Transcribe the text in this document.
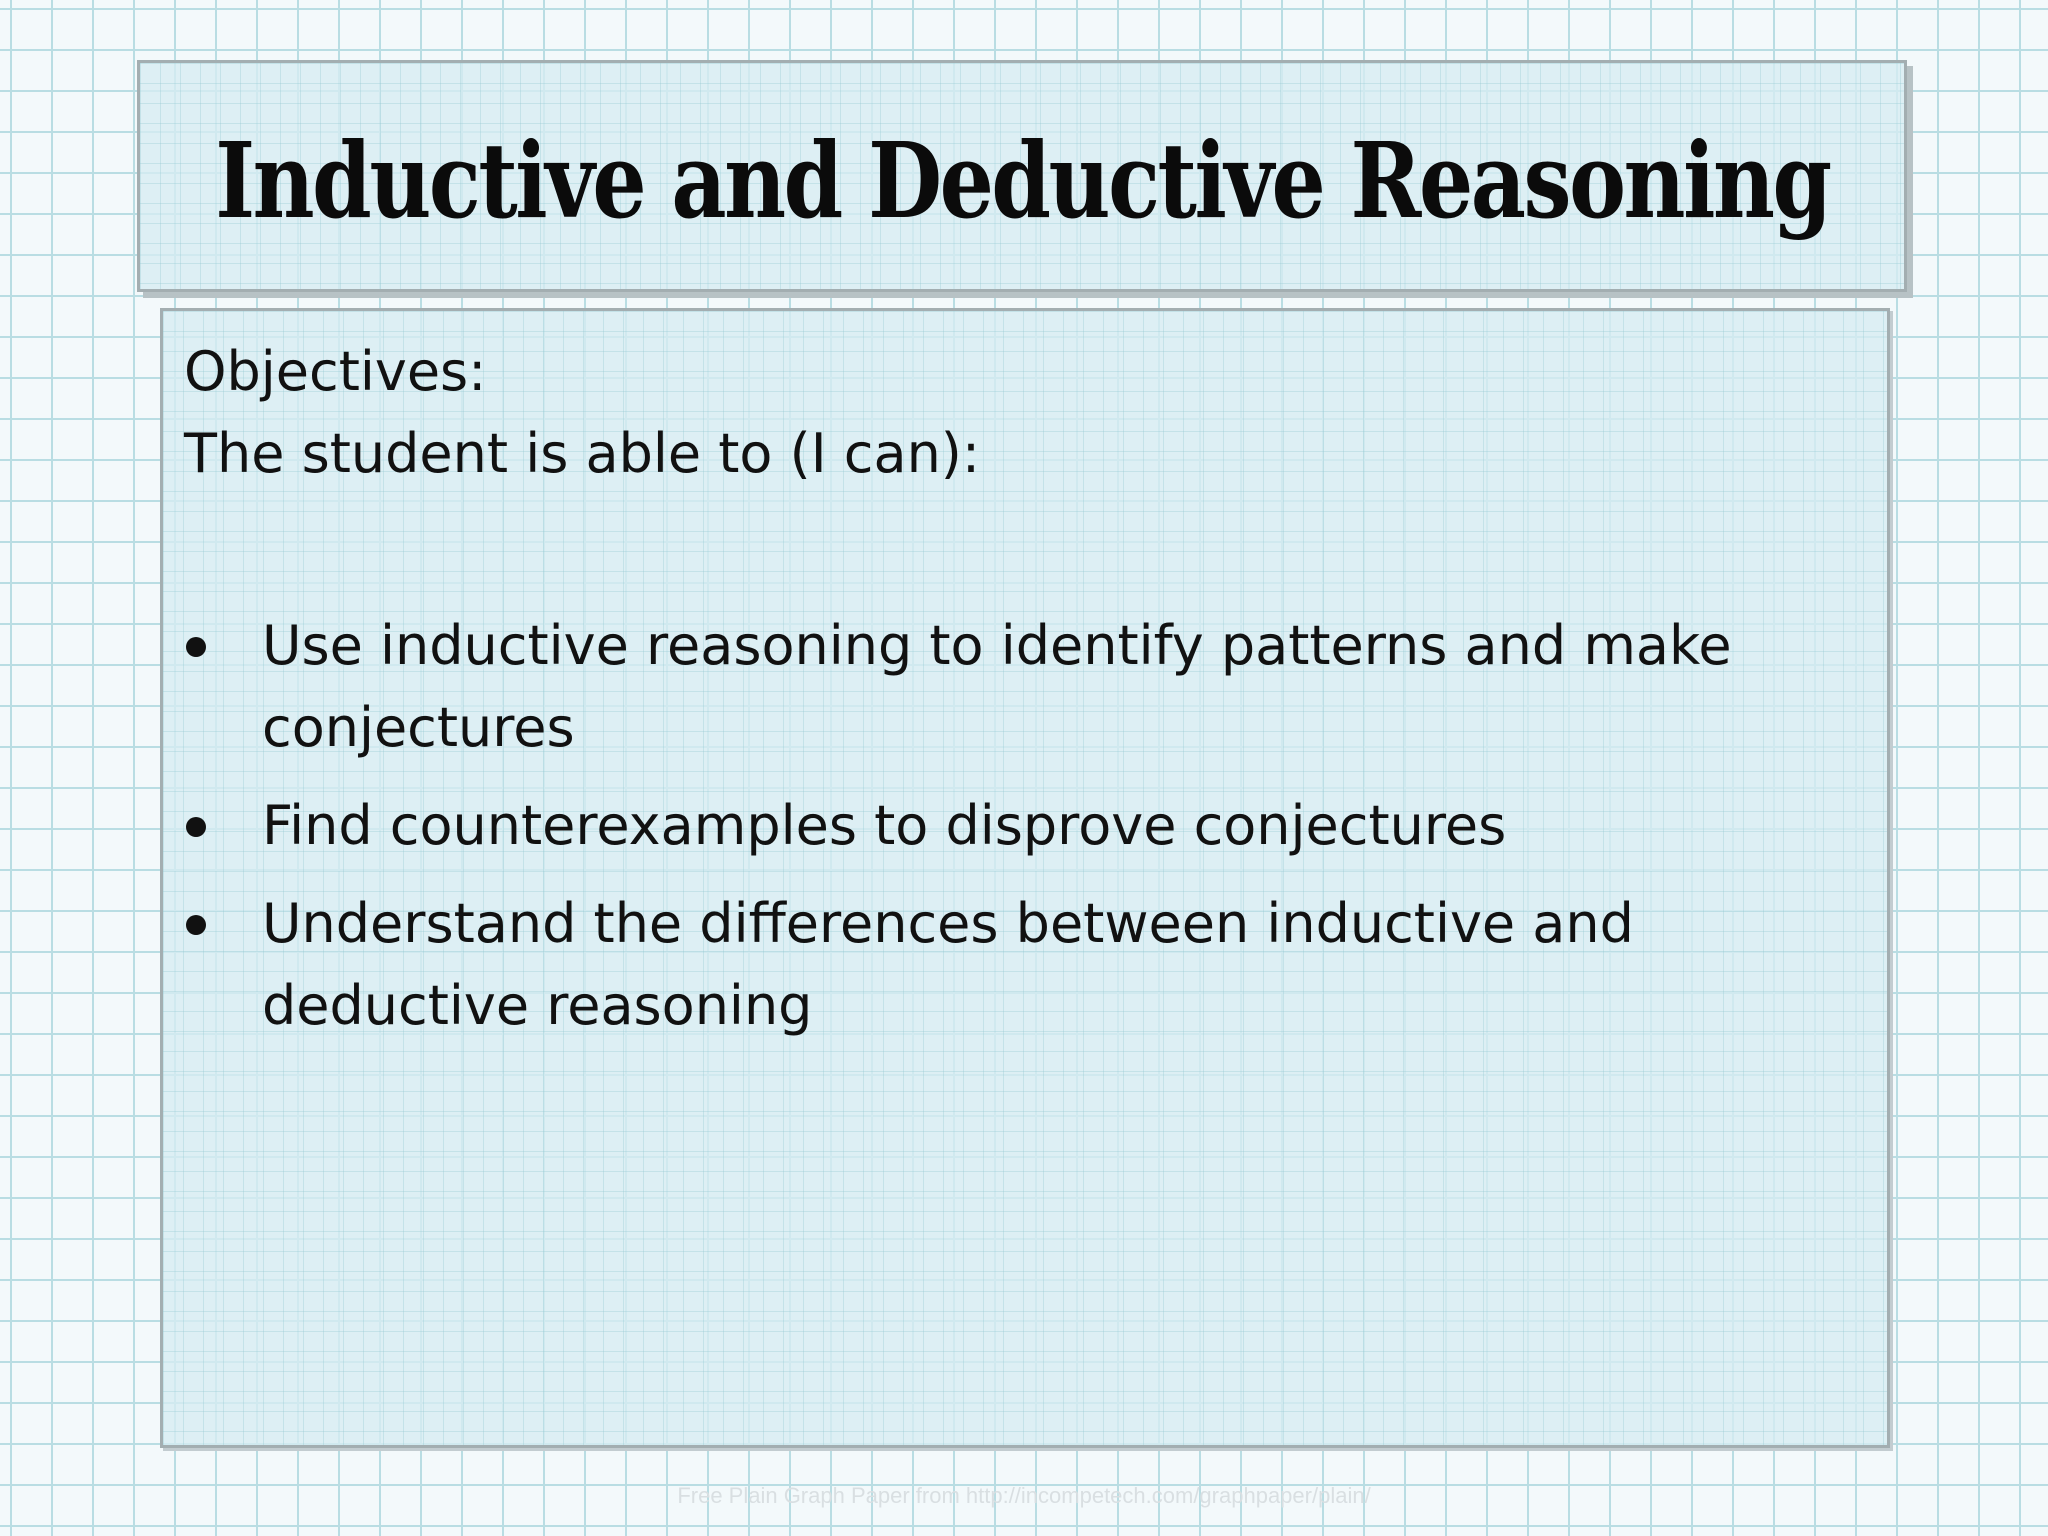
Inductive and Deductive Reasoning
Objectives:
The student is able to (I can):
Use inductive reasoning to identify patterns and make conjectures
Find counterexamples to disprove conjectures
Understand the differences between inductive and deductive reasoning
Free Plain Graph Paper from http://incompetech.com/graphpaper/plain/
